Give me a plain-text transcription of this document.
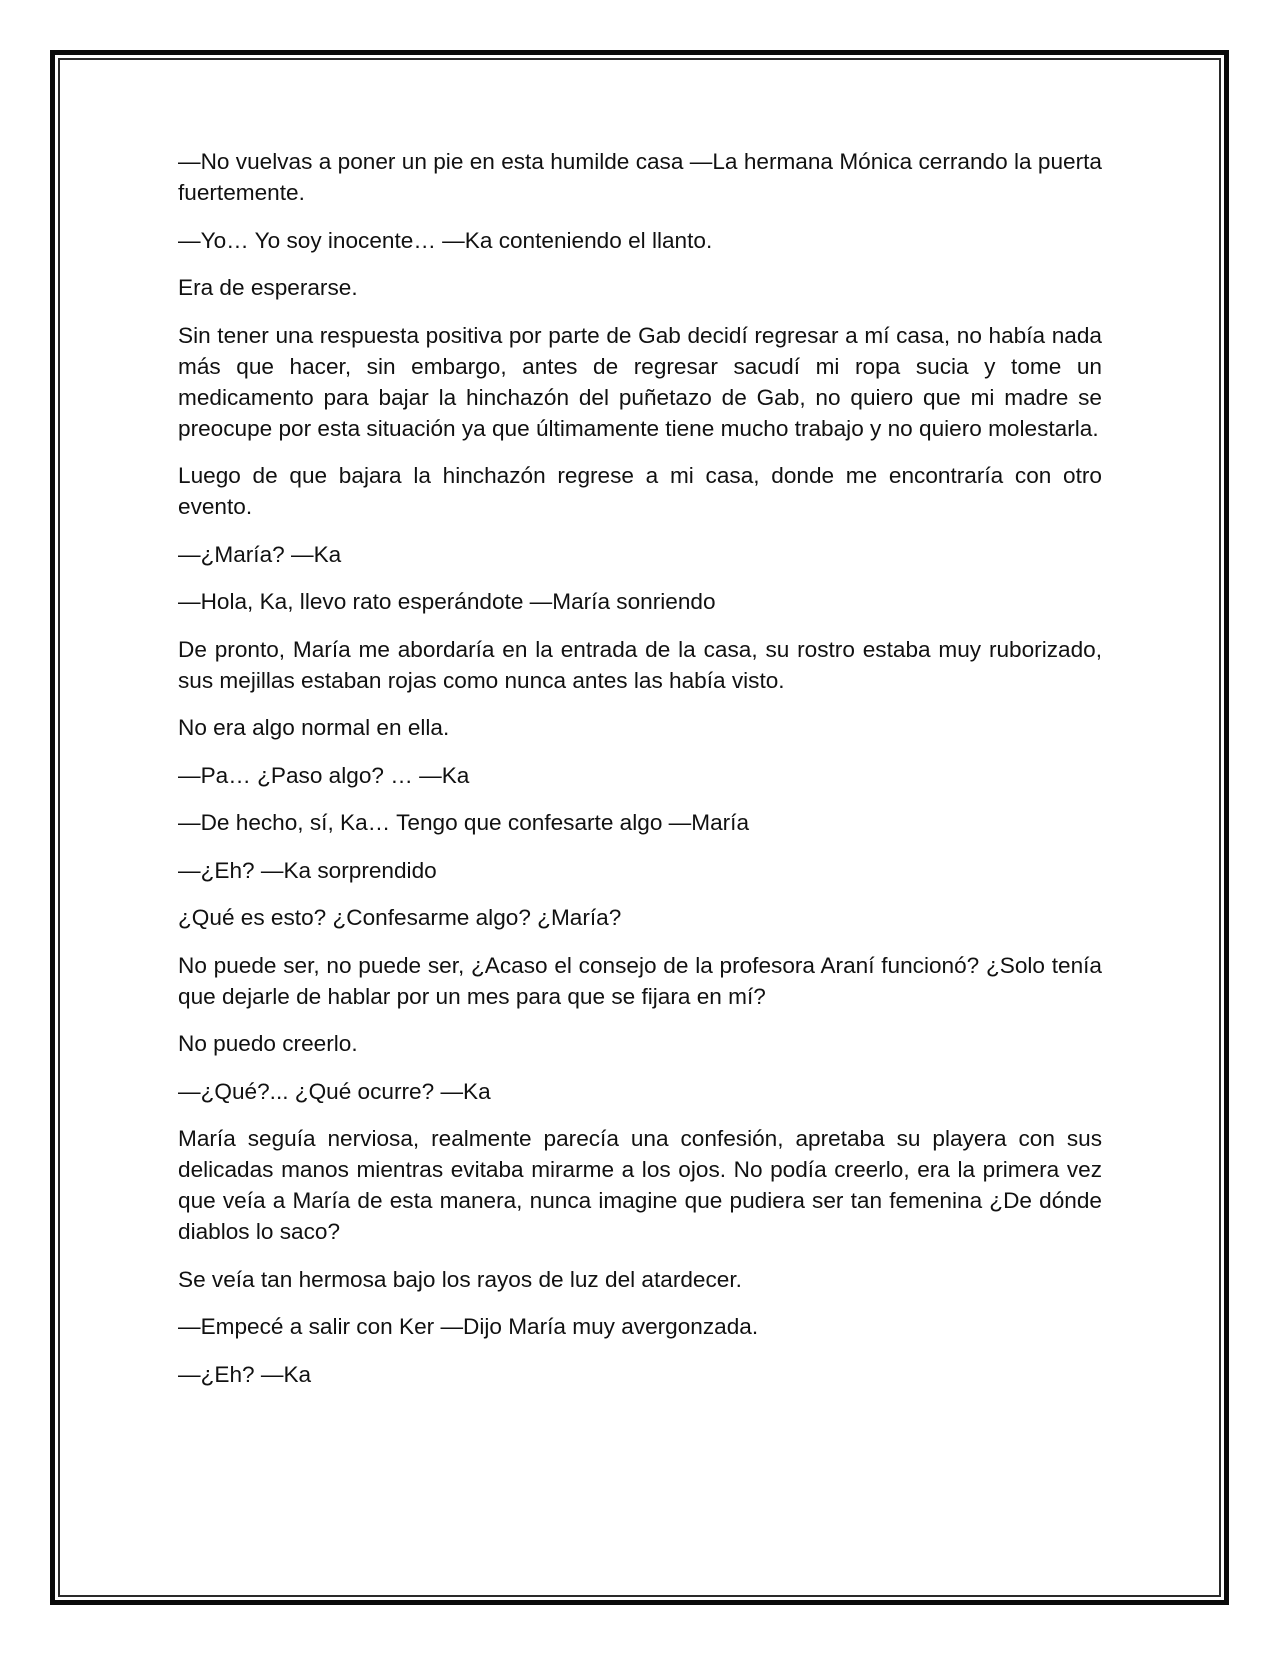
—No vuelvas a poner un pie en esta humilde casa —La hermana Mónica cerrando la puerta fuertemente.

—Yo… Yo soy inocente… —Ka conteniendo el llanto.

Era de esperarse.

Sin tener una respuesta positiva por parte de Gab decidí regresar a mí casa, no había nada más que hacer, sin embargo, antes de regresar sacudí mi ropa sucia y tome un medicamento para bajar la hinchazón del puñetazo de Gab, no quiero que mi madre se preocupe por esta situación ya que últimamente tiene mucho trabajo y no quiero molestarla.

Luego de que bajara la hinchazón regrese a mi casa, donde me encontraría con otro evento.

—¿María? —Ka

—Hola, Ka, llevo rato esperándote —María sonriendo

De pronto, María me abordaría en la entrada de la casa, su rostro estaba muy ruborizado, sus mejillas estaban rojas como nunca antes las había visto.

No era algo normal en ella.

—Pa… ¿Paso algo? … —Ka

—De hecho, sí, Ka… Tengo que confesarte algo —María

—¿Eh? —Ka sorprendido

¿Qué es esto? ¿Confesarme algo? ¿María?

No puede ser, no puede ser, ¿Acaso el consejo de la profesora Araní funcionó? ¿Solo tenía que dejarle de hablar por un mes para que se fijara en mí?

No puedo creerlo.

—¿Qué?... ¿Qué ocurre? —Ka

María seguía nerviosa, realmente parecía una confesión, apretaba su playera con sus delicadas manos mientras evitaba mirarme a los ojos. No podía creerlo, era la primera vez que veía a María de esta manera, nunca imagine que pudiera ser tan femenina ¿De dónde diablos lo saco?

Se veía tan hermosa bajo los rayos de luz del atardecer.

—Empecé a salir con Ker —Dijo María muy avergonzada.

—¿Eh? —Ka
